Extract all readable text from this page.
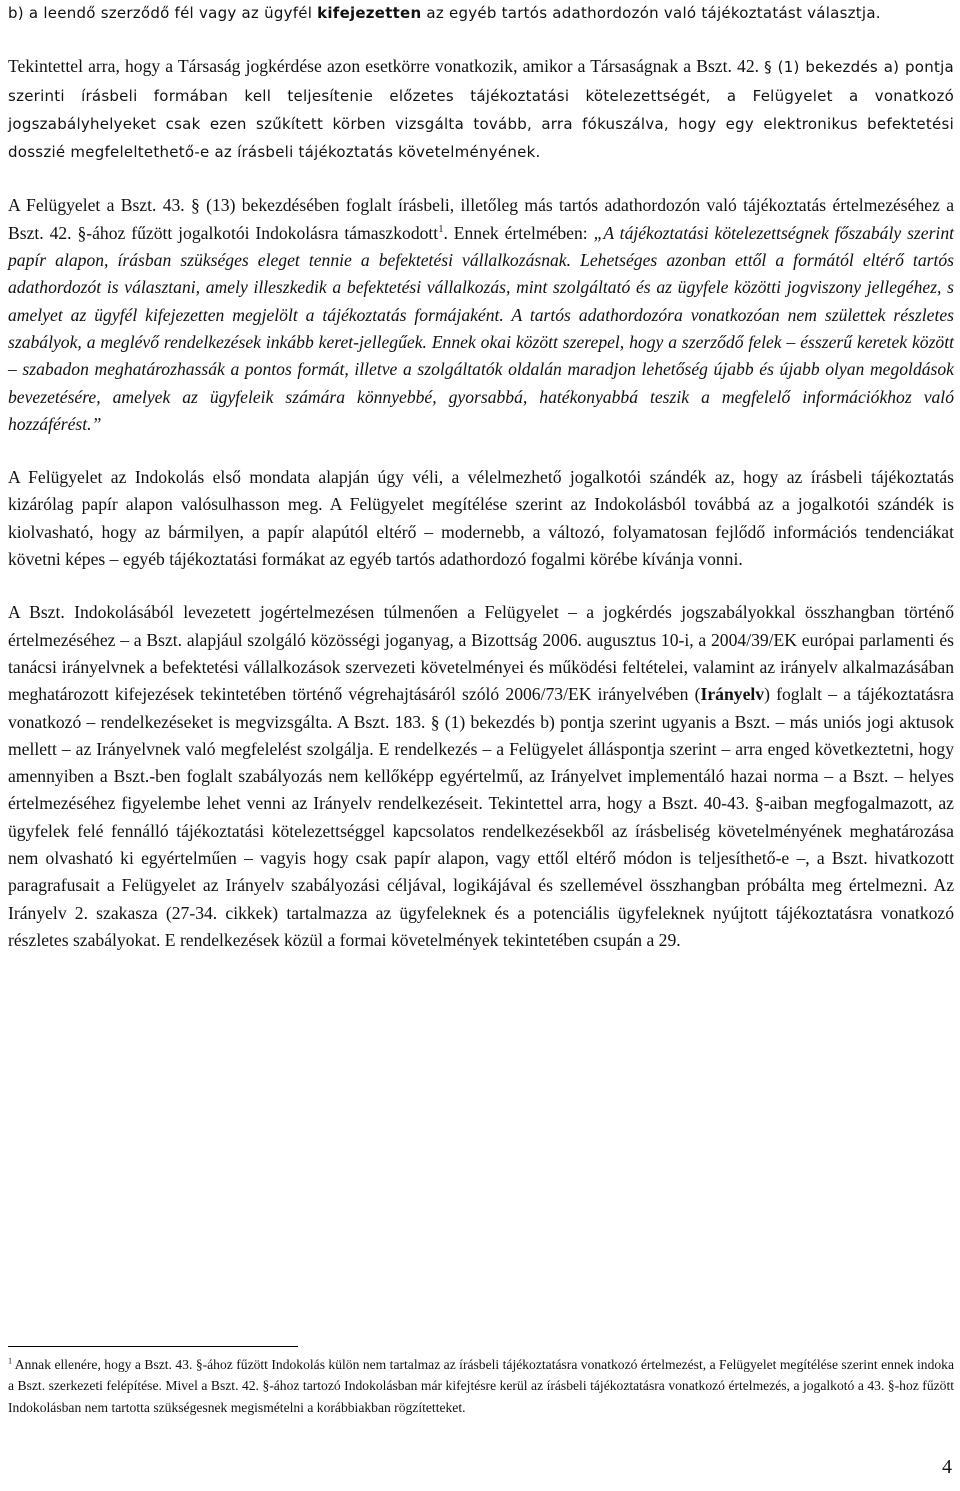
b) a leendő szerződő fél vagy az ügyfél kifejezetten az egyéb tartós adathordozón való tájékoztatást választja.

Tekintettel arra, hogy a Társaság jogkérdése azon esetkörre vonatkozik, amikor a Társaságnak a Bszt. 42. § (1) bekezdés a) pontja szerinti írásbeli formában kell teljesítenie előzetes tájékoztatási kötelezettségét, a Felügyelet a vonatkozó jogszabályhelyeket csak ezen szűkített körben vizsgálta tovább, arra fókuszálva, hogy egy elektronikus befektetési dosszié megfeleltethető-e az írásbeli tájékoztatás követelményének.

A Felügyelet a Bszt. 43. § (13) bekezdésében foglalt írásbeli, illetőleg más tartós adathordozón való tájékoztatás értelmezéséhez a Bszt. 42. §-ához fűzött jogalkotói Indokolásra támaszkodott$^1$. Ennek értelmében: „A tájékoztatási kötelezettségnek főszabály szerint papír alapon, írásban szükséges eleget tennie a befektetési vállalkozásnak. Lehetséges azonban ettől a formától eltérő tartós adathordozót is választani, amely illeszkedik a befektetési vállalkozás, mint szolgáltató és az ügyfele közötti jogviszony jellegéhez, s amelyet az ügyfél kifejezetten megjelölt a tájékoztatás formájaként. A tartós adathordozóra vonatkozóan nem születtek részletes szabályok, a meglévő rendelkezések inkább keret-jellegűek. Ennek okai között szerepel, hogy a szerződő felek – ésszerű keretek között – szabadon meghatározhassák a pontos formát, illetve a szolgáltatók oldalán maradjon lehetőség újabb és újabb olyan megoldások bevezetésére, amelyek az ügyfeleik számára könnyebbé, gyorsabbá, hatékonyabbá teszik a megfelelő információkhoz való hozzáférést.”

A Felügyelet az Indokolás első mondata alapján úgy véli, a vélelmezhető jogalkotói szándék az, hogy az írásbeli tájékoztatás kizárólag papír alapon valósulhasson meg. A Felügyelet megítélése szerint az Indokolásból továbbá az a jogalkotói szándék is kiolvasható, hogy az bármilyen, a papír alapútól eltérő – modernebb, a változó, folyamatosan fejlődő információs tendenciákat követni képes – egyéb tájékoztatási formákat az egyéb tartós adathordozó fogalmi körébe kívánja vonni.

A Bszt. Indokolásából levezetett jogértelmezésen túlmenően a Felügyelet – a jogkérdés jogszabályokkal összhangban történő értelmezéséhez – a Bszt. alapjául szolgáló közösségi joganyag, a Bizottság 2006. augusztus 10-i, a 2004/39/EK európai parlamenti és tanácsi irányelvnek a befektetési vállalkozások szervezeti követelményei és működési feltételei, valamint az irányelv alkalmazásában meghatározott kifejezések tekintetében történő végrehajtásáról szóló 2006/73/EK irányelvében (Irányelv) foglalt – a tájékoztatásra vonatkozó – rendelkezéseket is megvizsgálta. A Bszt. 183. § (1) bekezdés b) pontja szerint ugyanis a Bszt. – más uniós jogi aktusok mellett – az Irányelvnek való megfelelést szolgálja. E rendelkezés – a Felügyelet álláspontja szerint – arra enged következtetni, hogy amennyiben a Bszt.-ben foglalt szabályozás nem kellőképp egyértelmű, az Irányelvet implementáló hazai norma – a Bszt. – helyes értelmezéséhez figyelembe lehet venni az Irányelv rendelkezéseit. Tekintettel arra, hogy a Bszt. 40-43. §-aiban megfogalmazott, az ügyfelek felé fennálló tájékoztatási kötelezettséggel kapcsolatos rendelkezésekből az írásbeliség követelményének meghatározása nem olvasható ki egyértelműen – vagyis hogy csak papír alapon, vagy ettől eltérő módon is teljesíthető-e –, a Bszt. hivatkozott paragrafusait a Felügyelet az Irányelv szabályozási céljával, logikájával és szellemével összhangban próbálta meg értelmezni. Az Irányelv 2. szakasza (27-34. cikkek) tartalmazza az ügyfeleknek és a potenciális ügyfeleknek nyújtott tájékoztatásra vonatkozó részletes szabályokat. E rendelkezések közül a formai követelmények tekintetében csupán a 29.

$^1$ Annak ellenére, hogy a Bszt. 43. §-ához fűzött Indokolás külön nem tartalmaz az írásbeli tájékoztatásra vonatkozó értelmezést, a Felügyelet megítélése szerint ennek indoka a Bszt. szerkezeti felépítése. Mivel a Bszt. 42. §-ához tartozó Indokolásban már kifejtésre kerül az írásbeli tájékoztatásra vonatkozó értelmezés, a jogalkotó a 43. §-hoz fűzött Indokolásban nem tartotta szükségesnek megismételni a korábbiakban rögzítetteket.

4
